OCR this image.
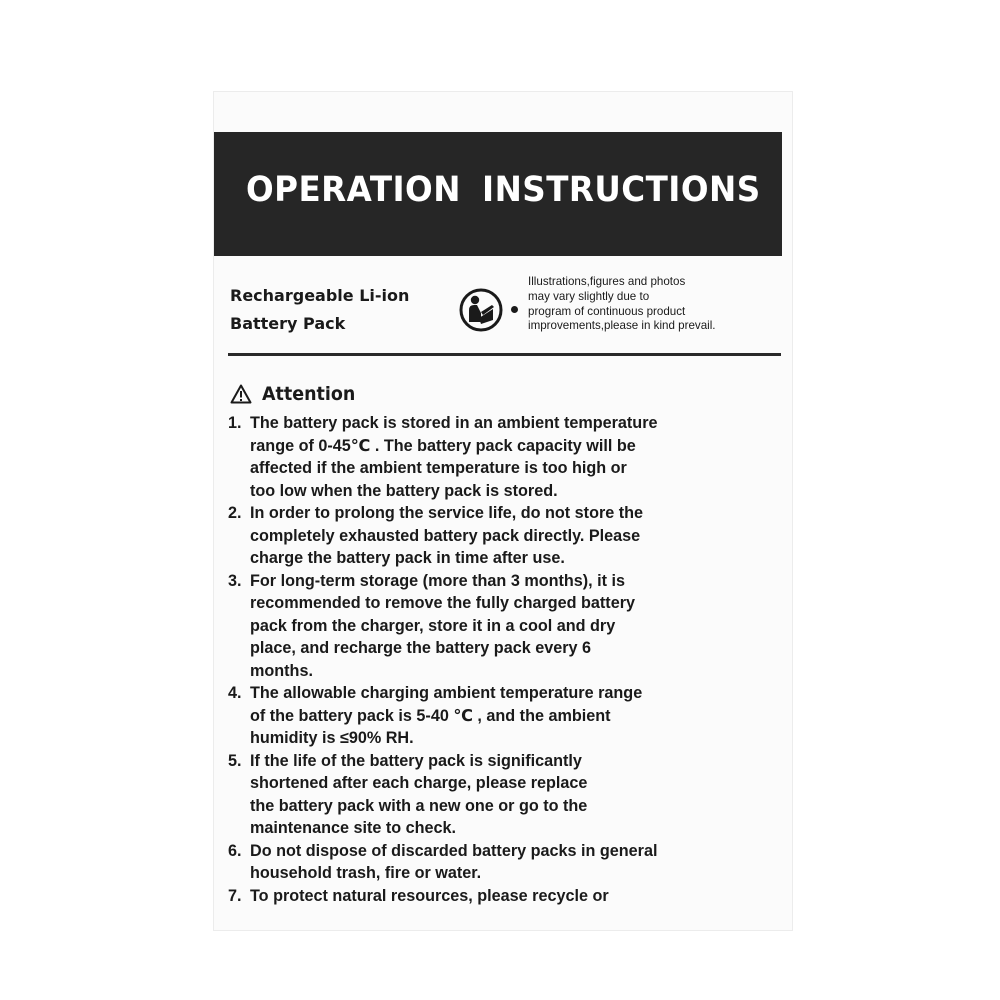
OPERATION INSTRUCTIONS
Rechargeable Li-ion
Battery Pack
Illustrations,figures and photos
may vary slightly due to
program of continuous product
improvements,please in kind prevail.
Attention
1. The battery pack is stored in an ambient temperature
range of 0-45℃ . The battery pack capacity will be
affected if the ambient temperature is too high or
too low when the battery pack is stored.
2. In order to prolong the service life, do not store the
completely exhausted battery pack directly. Please
charge the battery pack in time after use.
3. For long-term storage (more than 3 months), it is
recommended to remove the fully charged battery
pack from the charger, store it in a cool and dry
place, and recharge the battery pack every 6
months.
4. The allowable charging ambient temperature range
of the battery pack is 5-40 ℃ , and the ambient
humidity is ≤90% RH.
5. If the life of the battery pack is significantly
shortened after each charge, please replace
the battery pack with a new one or go to the
maintenance site to check.
6. Do not dispose of discarded battery packs in general
household trash, fire or water.
7. To protect natural resources, please recycle or
